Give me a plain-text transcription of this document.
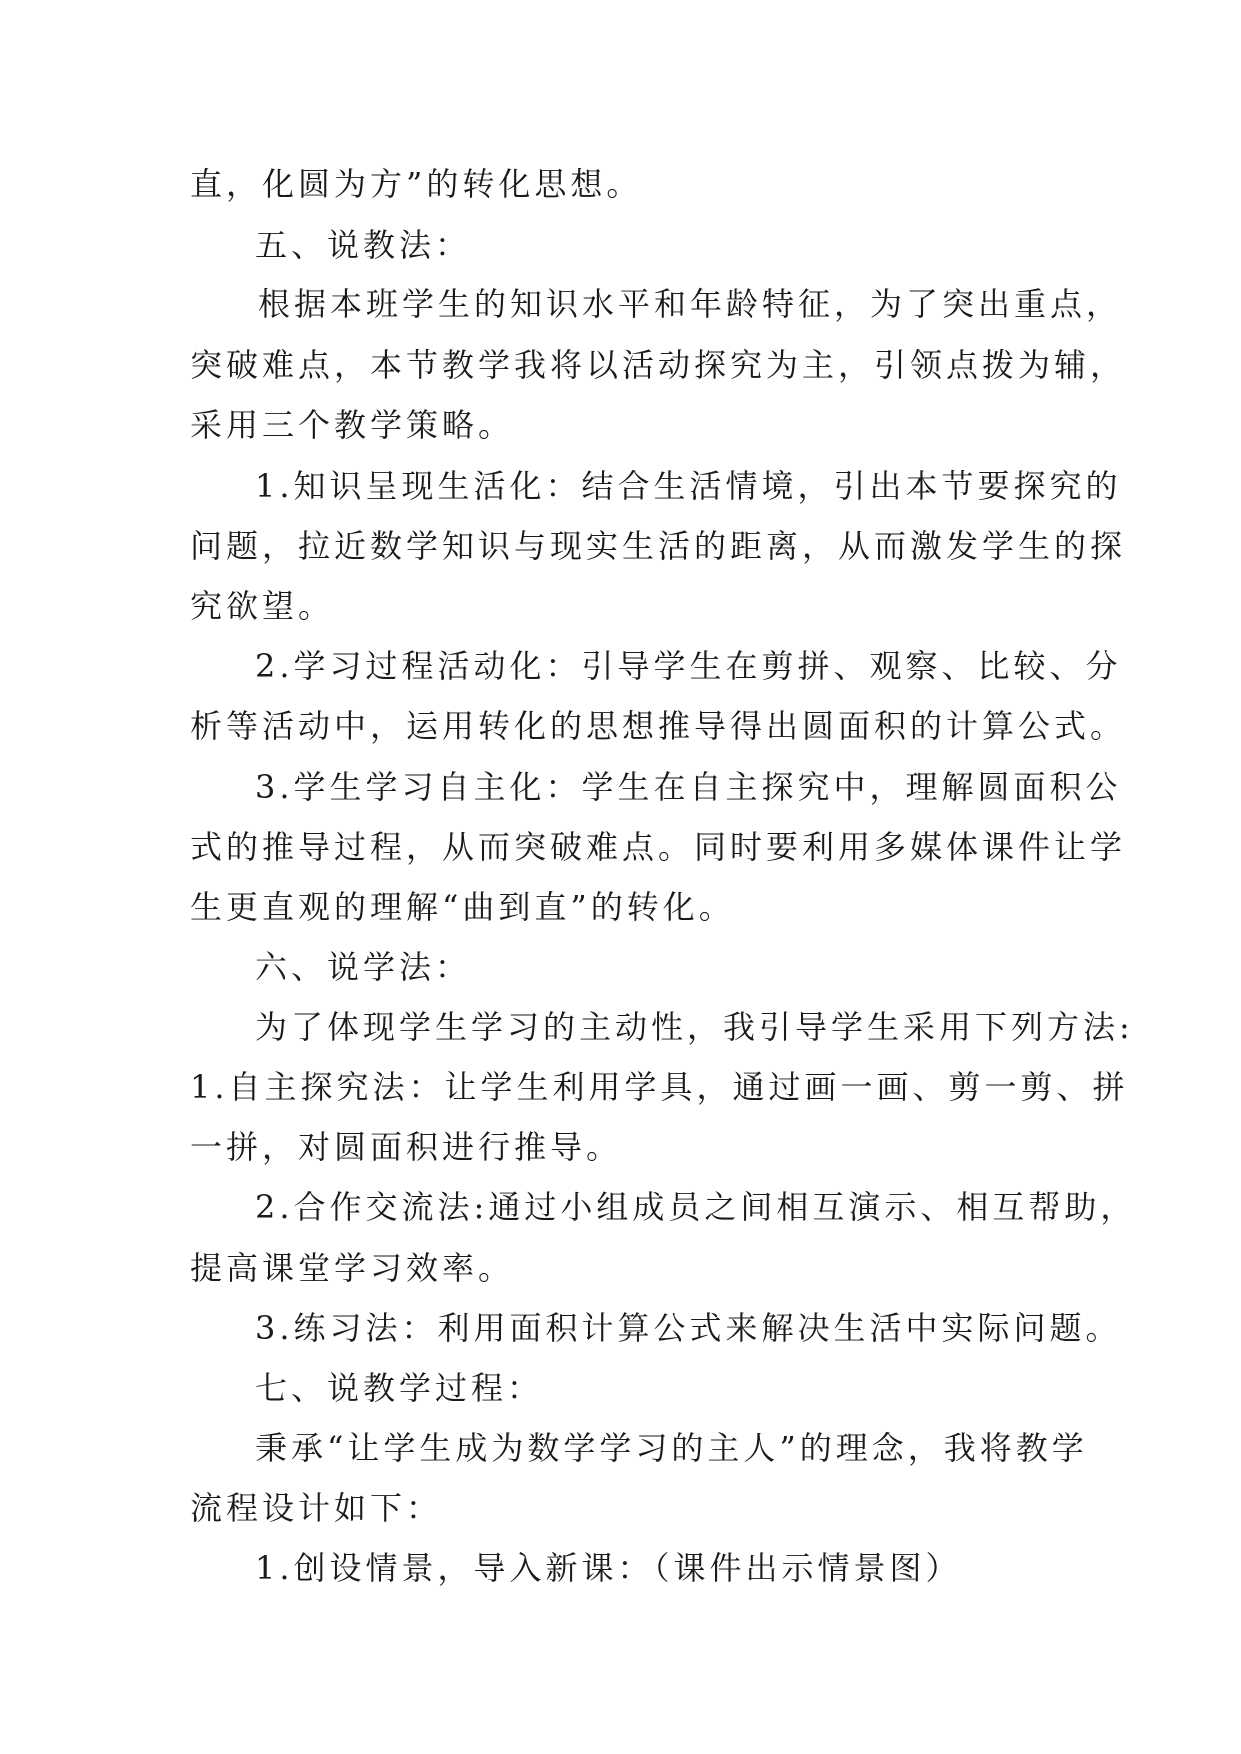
直，化圆为方”的转化思想。

五、说教法：

根据本班学生的知识水平和年龄特征，为了突出重点，

突破难点，本节教学我将以活动探究为主，引领点拨为辅，

采用三个教学策略。

1.知识呈现生活化：结合生活情境，引出本节要探究的

问题，拉近数学知识与现实生活的距离，从而激发学生的探

究欲望。

2.学习过程活动化：引导学生在剪拼、观察、比较、分

析等活动中，运用转化的思想推导得出圆面积的计算公式。

3.学生学习自主化：学生在自主探究中，理解圆面积公

式的推导过程，从而突破难点。同时要利用多媒体课件让学

生更直观的理解“曲到直”的转化。

六、说学法：

为了体现学生学习的主动性，我引导学生采用下列方法:

1.自主探究法：让学生利用学具，通过画一画、剪一剪、拼

一拼，对圆面积进行推导。

2.合作交流法:通过小组成员之间相互演示、相互帮助，

提高课堂学习效率。

3.练习法：利用面积计算公式来解决生活中实际问题。

七、说教学过程：

秉承“让学生成为数学学习的主人”的理念，我将教学

流程设计如下：

1.创设情景，导入新课：（课件出示情景图）
